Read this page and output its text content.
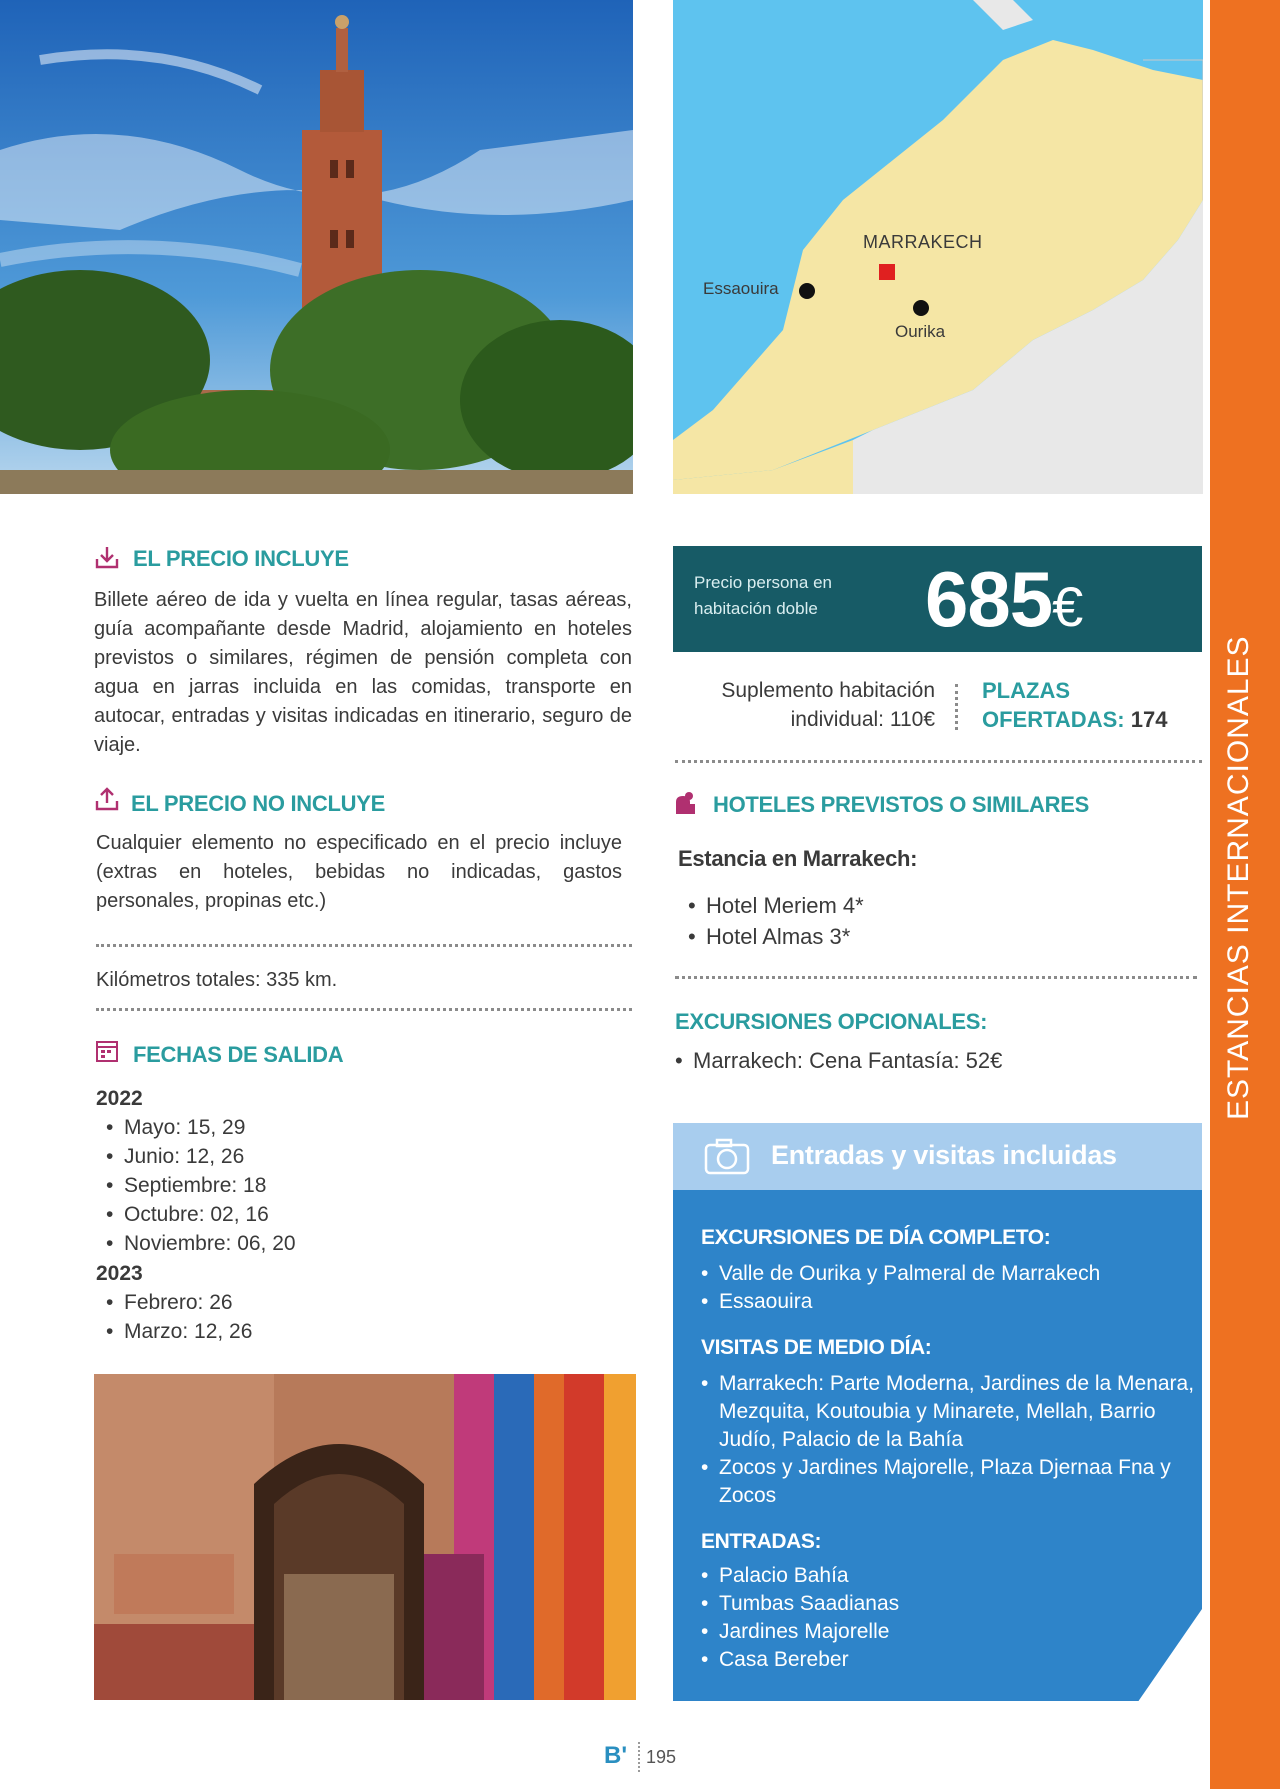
MARRAKECH
Essaouira
Ourika
ESTANCIAS INTERNACIONALES
EL PRECIO INCLUYE
Billete aéreo de ida y vuelta en línea regular, tasas aéreas, guía acompañante desde Madrid, alojamiento en hoteles previstos o similares, régimen de pensión completa con agua en jarras incluida en las comidas, transporte en autocar, entradas y visitas indicadas en itinerario, seguro de viaje.
EL PRECIO NO INCLUYE
Cualquier elemento no especificado en el precio incluye (extras en hoteles, bebidas no indicadas, gastos personales, propinas etc.)
Kilómetros totales: 335 km.
FECHAS DE SALIDA
2022
• Mayo: 15, 29
• Junio: 12, 26
• Septiembre: 18
• Octubre: 02, 16
• Noviembre: 06, 20
2023
• Febrero: 26
• Marzo: 12, 26
Precio persona en habitación doble	685€
Suplemento habitación individual: 110€
PLAZAS OFERTADAS: 174
HOTELES PREVISTOS O SIMILARES
Estancia en Marrakech:
• Hotel Meriem 4*
• Hotel Almas 3*
EXCURSIONES OPCIONALES:
• Marrakech: Cena Fantasía: 52€
Entradas y visitas incluidas
EXCURSIONES DE DÍA COMPLETO:
• Valle de Ourika y Palmeral de Marrakech
• Essaouira
VISITAS DE MEDIO DÍA:
• Marrakech: Parte Moderna, Jardines de la Menara, Mezquita, Koutoubia y Minarete, Mellah, Barrio Judío, Palacio de la Bahía
• Zocos y Jardines Majorelle, Plaza Djernaa Fna y Zocos
ENTRADAS:
• Palacio Bahía
• Tumbas Saadianas
• Jardines Majorelle
• Casa Bereber
B' 195
